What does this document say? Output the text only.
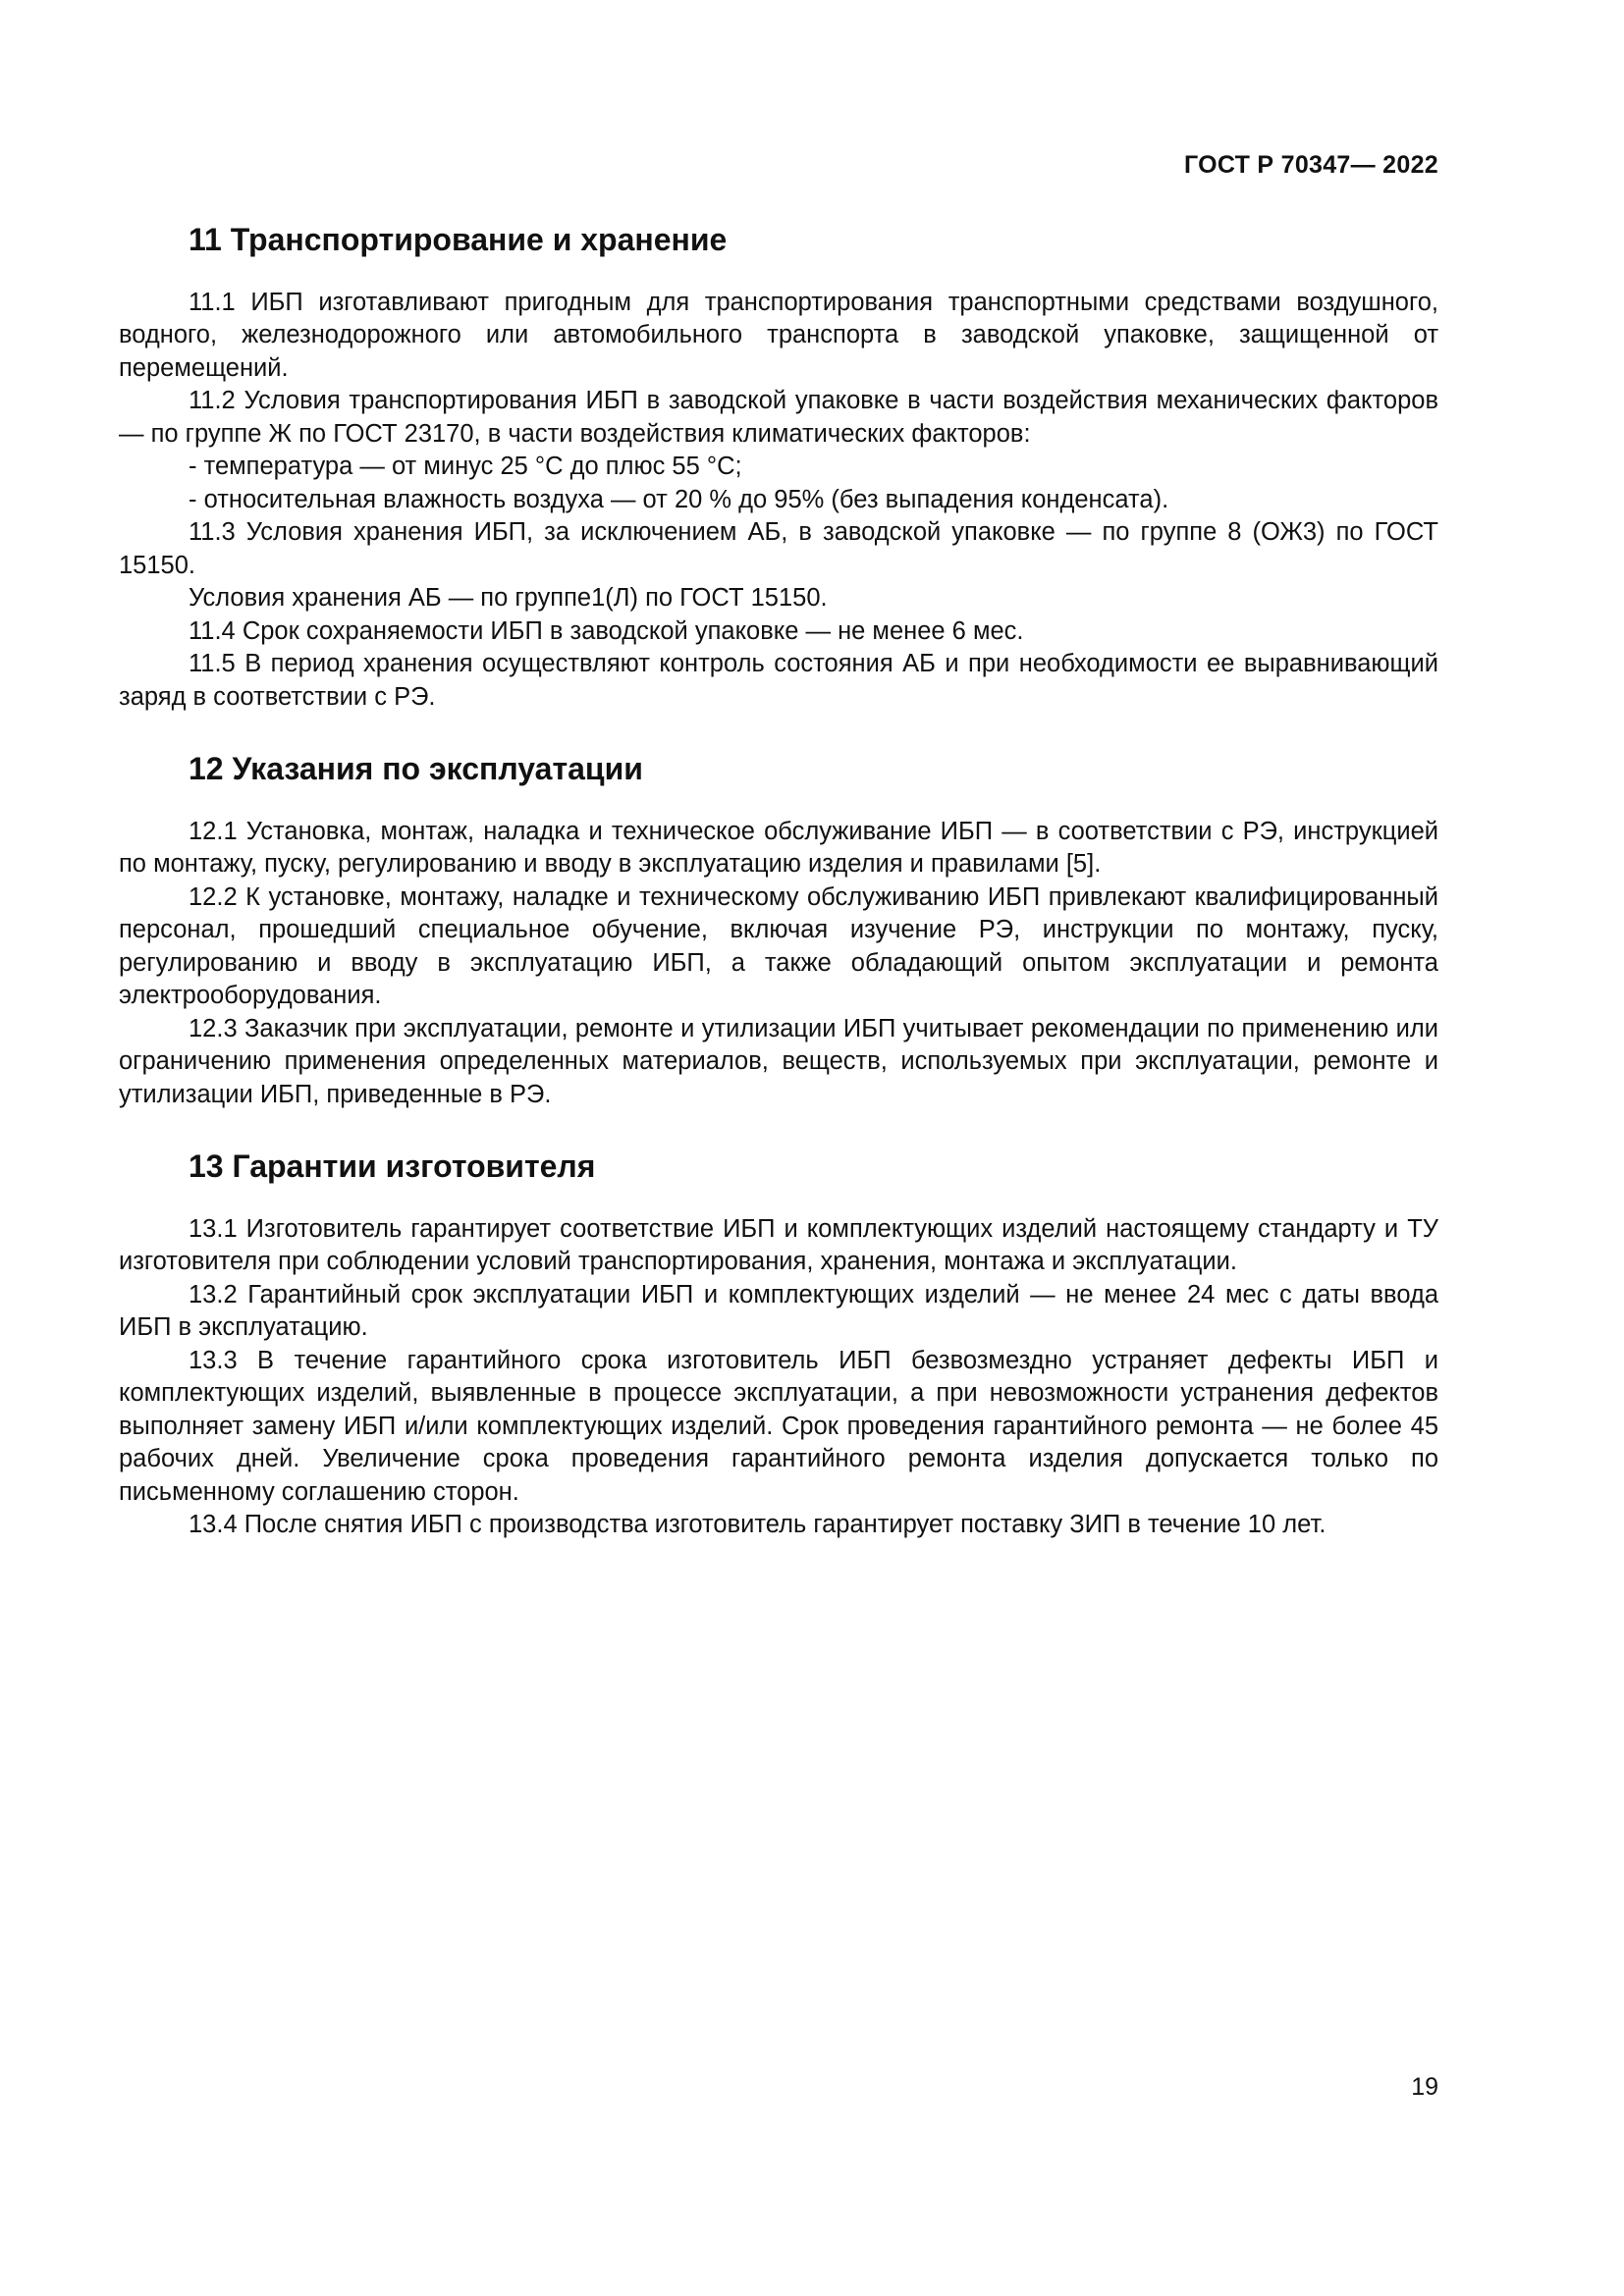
ГОСТ Р 70347— 2022
11 Транспортирование и хранение

11.1 ИБП изготавливают пригодным для транспортирования транспортными средствами воздушного, водного, железнодорожного или автомобильного транспорта в заводской упаковке, защищенной от перемещений.

11.2 Условия транспортирования ИБП в заводской упаковке в части воздействия механических факторов — по группе Ж по ГОСТ 23170, в части воздействия климатических факторов:

- температура — от минус 25 °С до плюс 55 °С;

- относительная влажность воздуха — от 20 % до 95% (без выпадения конденсата).

11.3 Условия хранения ИБП, за исключением АБ, в заводской упаковке — по группе 8 (ОЖ3) по ГОСТ 15150.

Условия хранения АБ — по группе1(Л) по ГОСТ 15150.

11.4 Срок сохраняемости ИБП в заводской упаковке — не менее 6 мес.

11.5 В период хранения осуществляют контроль состояния АБ и при необходимости ее выравнивающий заряд в соответствии с РЭ.

12 Указания по эксплуатации

12.1 Установка, монтаж, наладка и техническое обслуживание ИБП — в соответствии с РЭ, инструкцией по монтажу, пуску, регулированию и вводу в эксплуатацию изделия и правилами [5].

12.2 К установке, монтажу, наладке и техническому обслуживанию ИБП привлекают квалифицированный персонал, прошедший специальное обучение, включая изучение РЭ, инструкции по монтажу, пуску, регулированию и вводу в эксплуатацию ИБП, а также обладающий опытом эксплуатации и ремонта электрооборудования.

12.3 Заказчик при эксплуатации, ремонте и утилизации ИБП учитывает рекомендации по применению или ограничению применения определенных материалов, веществ, используемых при эксплуатации, ремонте и утилизации ИБП, приведенные в РЭ.

13 Гарантии изготовителя

13.1 Изготовитель гарантирует соответствие ИБП и комплектующих изделий настоящему стандарту и ТУ изготовителя при соблюдении условий транспортирования, хранения, монтажа и эксплуатации.

13.2 Гарантийный срок эксплуатации ИБП и комплектующих изделий — не менее 24 мес с даты ввода ИБП в эксплуатацию.

13.3 В течение гарантийного срока изготовитель ИБП безвозмездно устраняет дефекты ИБП и комплектующих изделий, выявленные в процессе эксплуатации, а при невозможности устранения дефектов выполняет замену ИБП и/или комплектующих изделий. Срок проведения гарантийного ремонта — не более 45 рабочих дней. Увеличение срока проведения гарантийного ремонта изделия допускается только по письменному соглашению сторон.

13.4 После снятия ИБП с производства изготовитель гарантирует поставку ЗИП в течение 10 лет.

19
